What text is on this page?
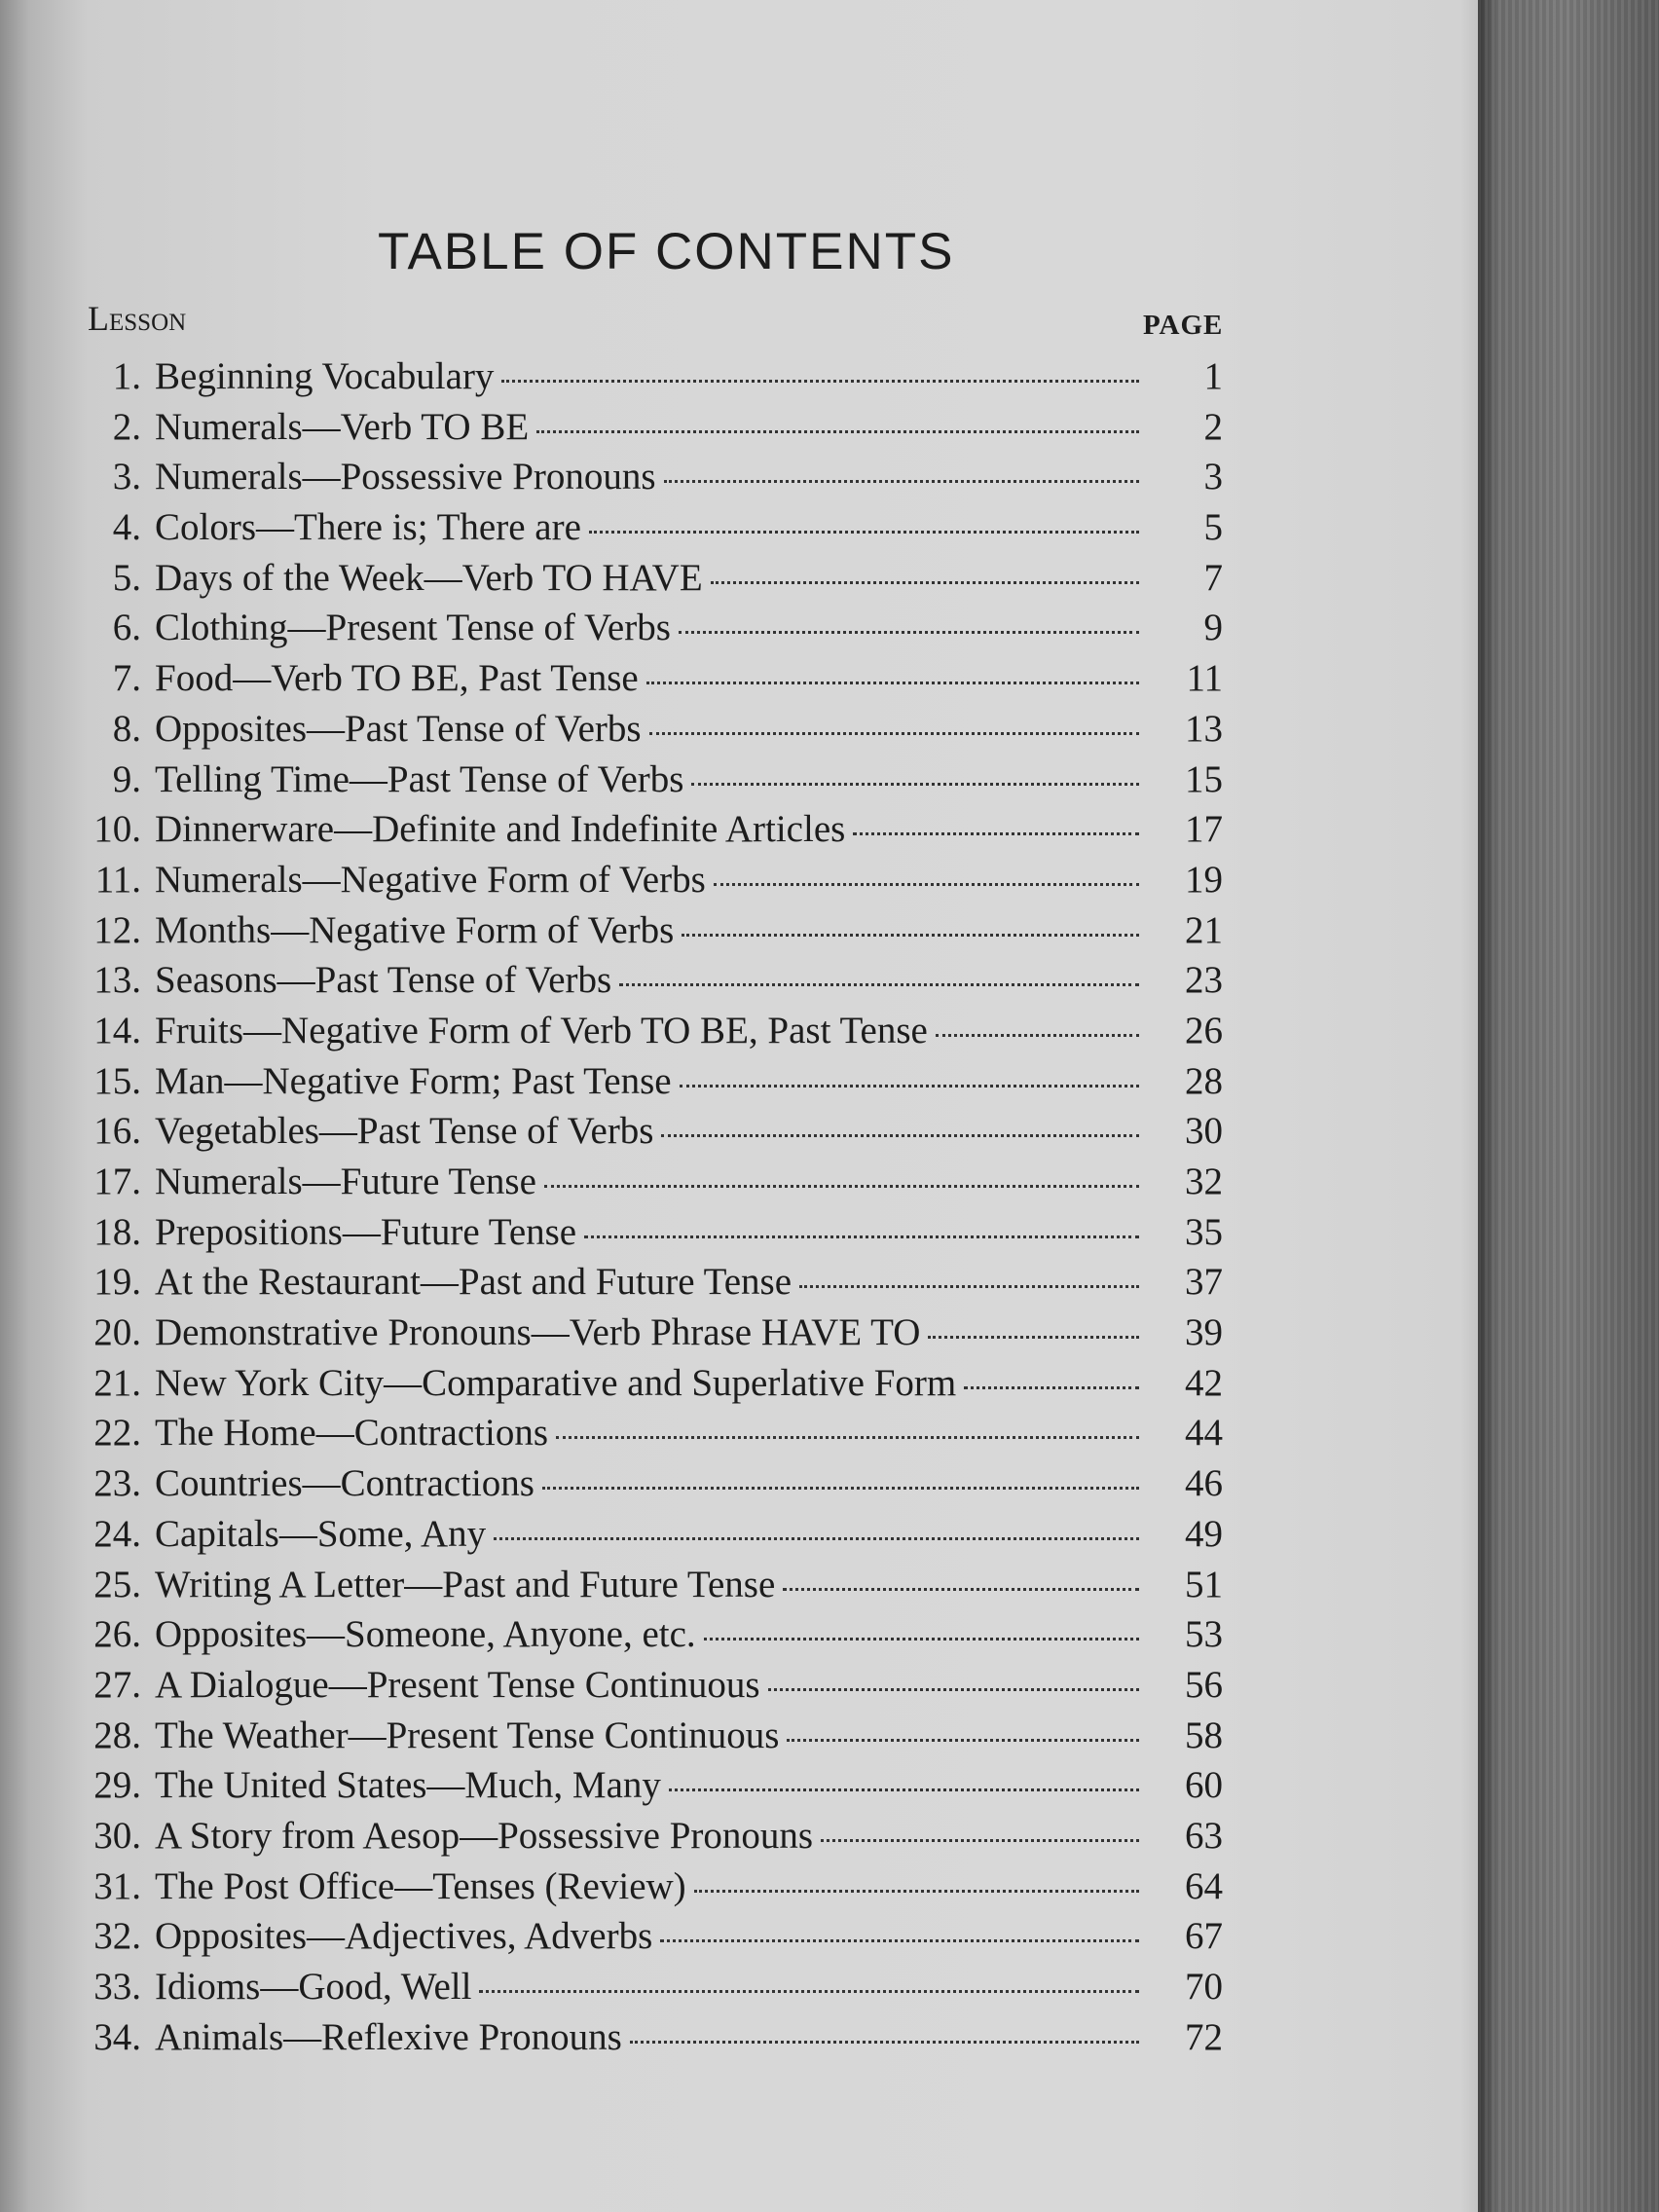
TABLE OF CONTENTS
Lesson	PAGE
1. Beginning Vocabulary	1
2. Numerals—Verb TO BE	2
3. Numerals—Possessive Pronouns	3
4. Colors—There is; There are	5
5. Days of the Week—Verb TO HAVE	7
6. Clothing—Present Tense of Verbs	9
7. Food—Verb TO BE, Past Tense	11
8. Opposites—Past Tense of Verbs	13
9. Telling Time—Past Tense of Verbs	15
10. Dinnerware—Definite and Indefinite Articles	17
11. Numerals—Negative Form of Verbs	19
12. Months—Negative Form of Verbs	21
13. Seasons—Past Tense of Verbs	23
14. Fruits—Negative Form of Verb TO BE, Past Tense	26
15. Man—Negative Form; Past Tense	28
16. Vegetables—Past Tense of Verbs	30
17. Numerals—Future Tense	32
18. Prepositions—Future Tense	35
19. At the Restaurant—Past and Future Tense	37
20. Demonstrative Pronouns—Verb Phrase HAVE TO	39
21. New York City—Comparative and Superlative Form	42
22. The Home—Contractions	44
23. Countries—Contractions	46
24. Capitals—Some, Any	49
25. Writing A Letter—Past and Future Tense	51
26. Opposites—Someone, Anyone, etc.	53
27. A Dialogue—Present Tense Continuous	56
28. The Weather—Present Tense Continuous	58
29. The United States—Much, Many	60
30. A Story from Aesop—Possessive Pronouns	63
31. The Post Office—Tenses (Review)	64
32. Opposites—Adjectives, Adverbs	67
33. Idioms—Good, Well	70
34. Animals—Reflexive Pronouns	72
